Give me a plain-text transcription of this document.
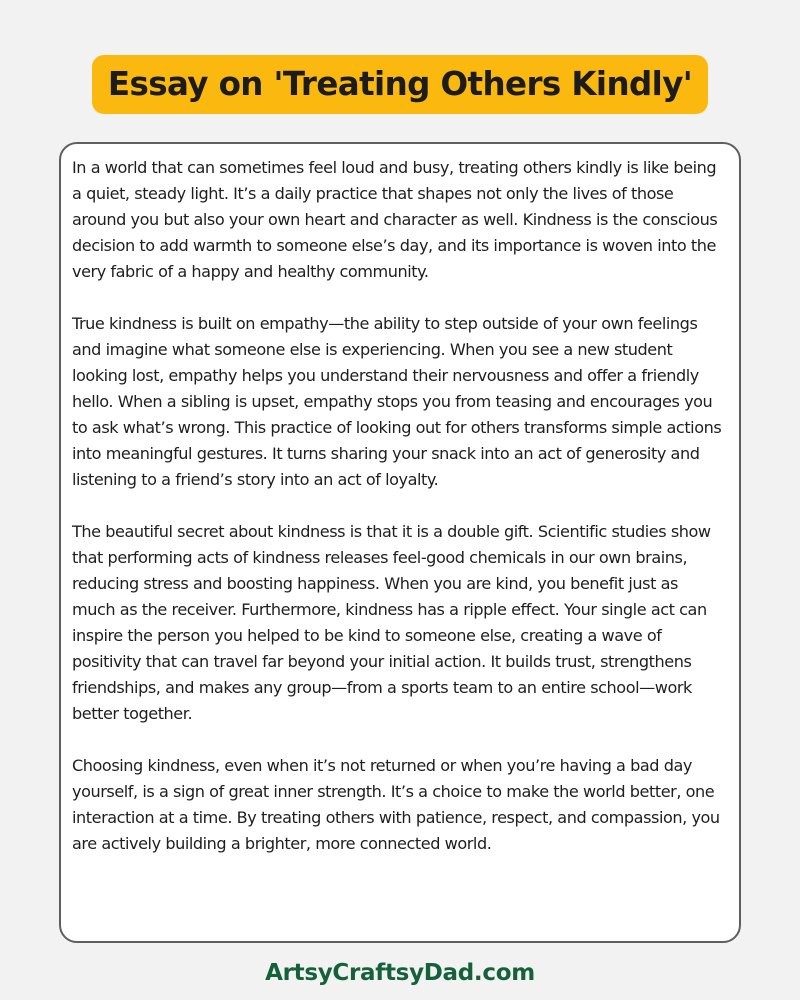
Essay on 'Treating Others Kindly'

In a world that can sometimes feel loud and busy, treating others kindly is like being a quiet, steady light. It’s a daily practice that shapes not only the lives of those around you but also your own heart and character as well. Kindness is the conscious decision to add warmth to someone else’s day, and its importance is woven into the very fabric of a happy and healthy community.

True kindness is built on empathy—the ability to step outside of your own feelings and imagine what someone else is experiencing. When you see a new student looking lost, empathy helps you understand their nervousness and offer a friendly hello. When a sibling is upset, empathy stops you from teasing and encourages you to ask what’s wrong. This practice of looking out for others transforms simple actions into meaningful gestures. It turns sharing your snack into an act of generosity and listening to a friend’s story into an act of loyalty.

The beautiful secret about kindness is that it is a double gift. Scientific studies show that performing acts of kindness releases feel-good chemicals in our own brains, reducing stress and boosting happiness. When you are kind, you benefit just as much as the receiver. Furthermore, kindness has a ripple effect. Your single act can inspire the person you helped to be kind to someone else, creating a wave of positivity that can travel far beyond your initial action. It builds trust, strengthens friendships, and makes any group—from a sports team to an entire school—work better together.

Choosing kindness, even when it’s not returned or when you’re having a bad day yourself, is a sign of great inner strength. It’s a choice to make the world better, one interaction at a time. By treating others with patience, respect, and compassion, you are actively building a brighter, more connected world.

ArtsyCraftsyDad.com
